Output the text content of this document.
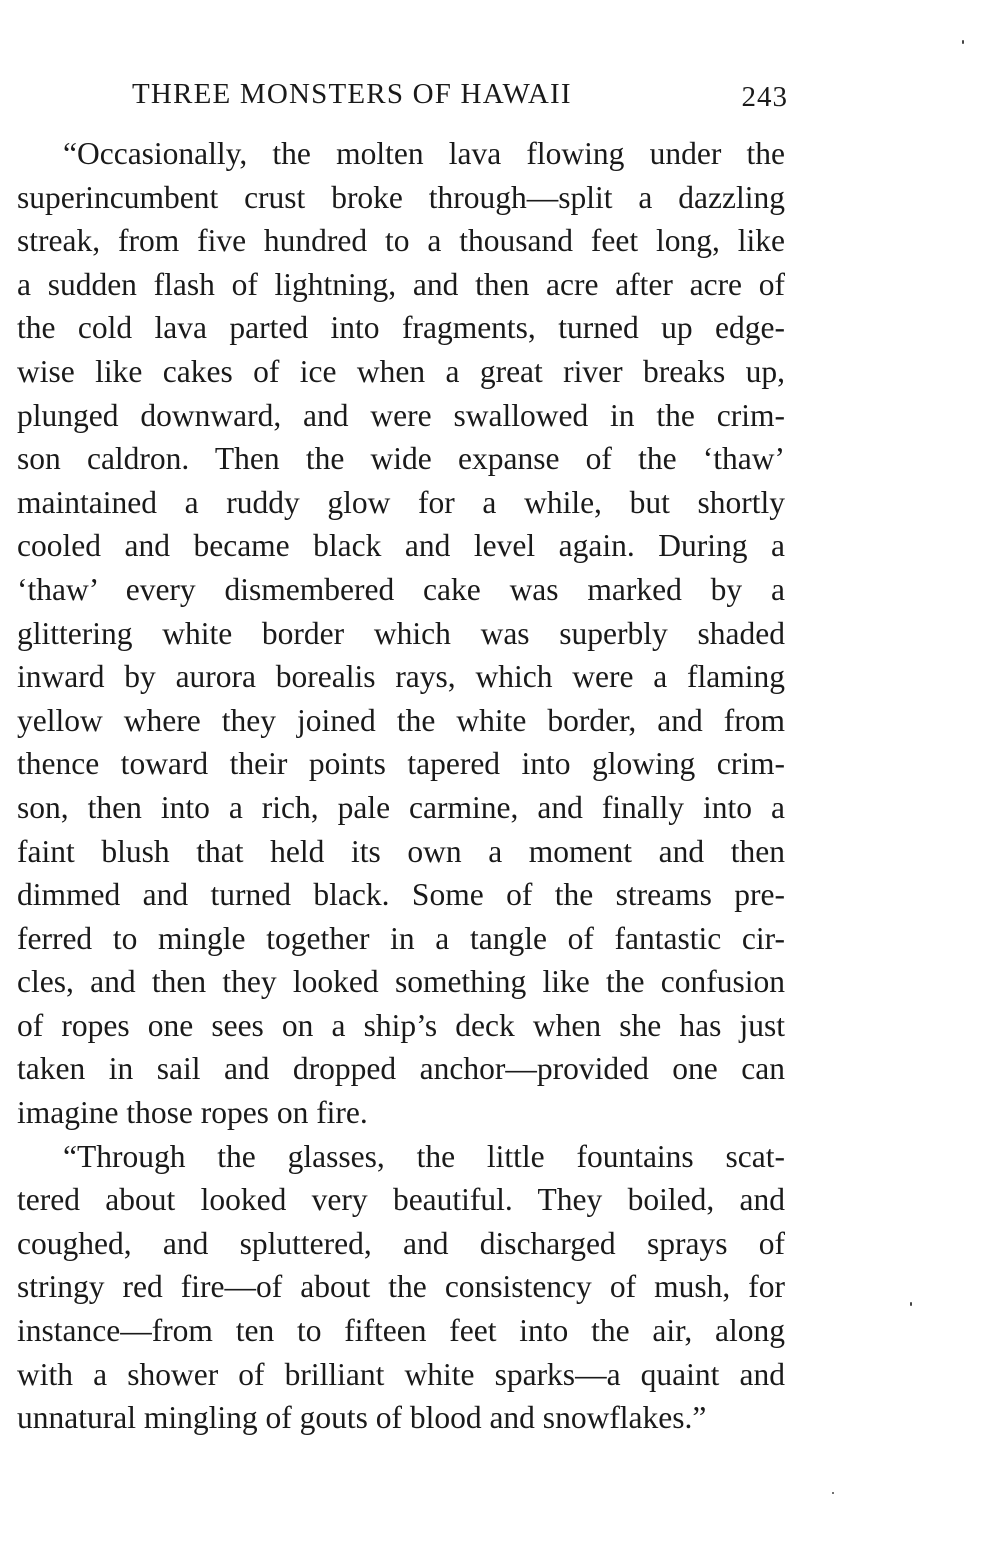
THREE MONSTERS OF HAWAII	243
“Occasionally, the molten lava flowing under the
superincumbent crust broke through—split a dazzling
streak, from five hundred to a thousand feet long, like
a sudden flash of lightning, and then acre after acre of
the cold lava parted into fragments, turned up edge-
wise like cakes of ice when a great river breaks up,
plunged downward, and were swallowed in the crim-
son caldron. Then the wide expanse of the ‘thaw’
maintained a ruddy glow for a while, but shortly
cooled and became black and level again. During a
‘thaw’ every dismembered cake was marked by a
glittering white border which was superbly shaded
inward by aurora borealis rays, which were a flaming
yellow where they joined the white border, and from
thence toward their points tapered into glowing crim-
son, then into a rich, pale carmine, and finally into a
faint blush that held its own a moment and then
dimmed and turned black. Some of the streams pre-
ferred to mingle together in a tangle of fantastic cir-
cles, and then they looked something like the confusion
of ropes one sees on a ship’s deck when she has just
taken in sail and dropped anchor—provided one can
imagine those ropes on fire.
“Through the glasses, the little fountains scat-
tered about looked very beautiful. They boiled, and
coughed, and spluttered, and discharged sprays of
stringy red fire—of about the consistency of mush, for
instance—from ten to fifteen feet into the air, along
with a shower of brilliant white sparks—a quaint and
unnatural mingling of gouts of blood and snowflakes.”
